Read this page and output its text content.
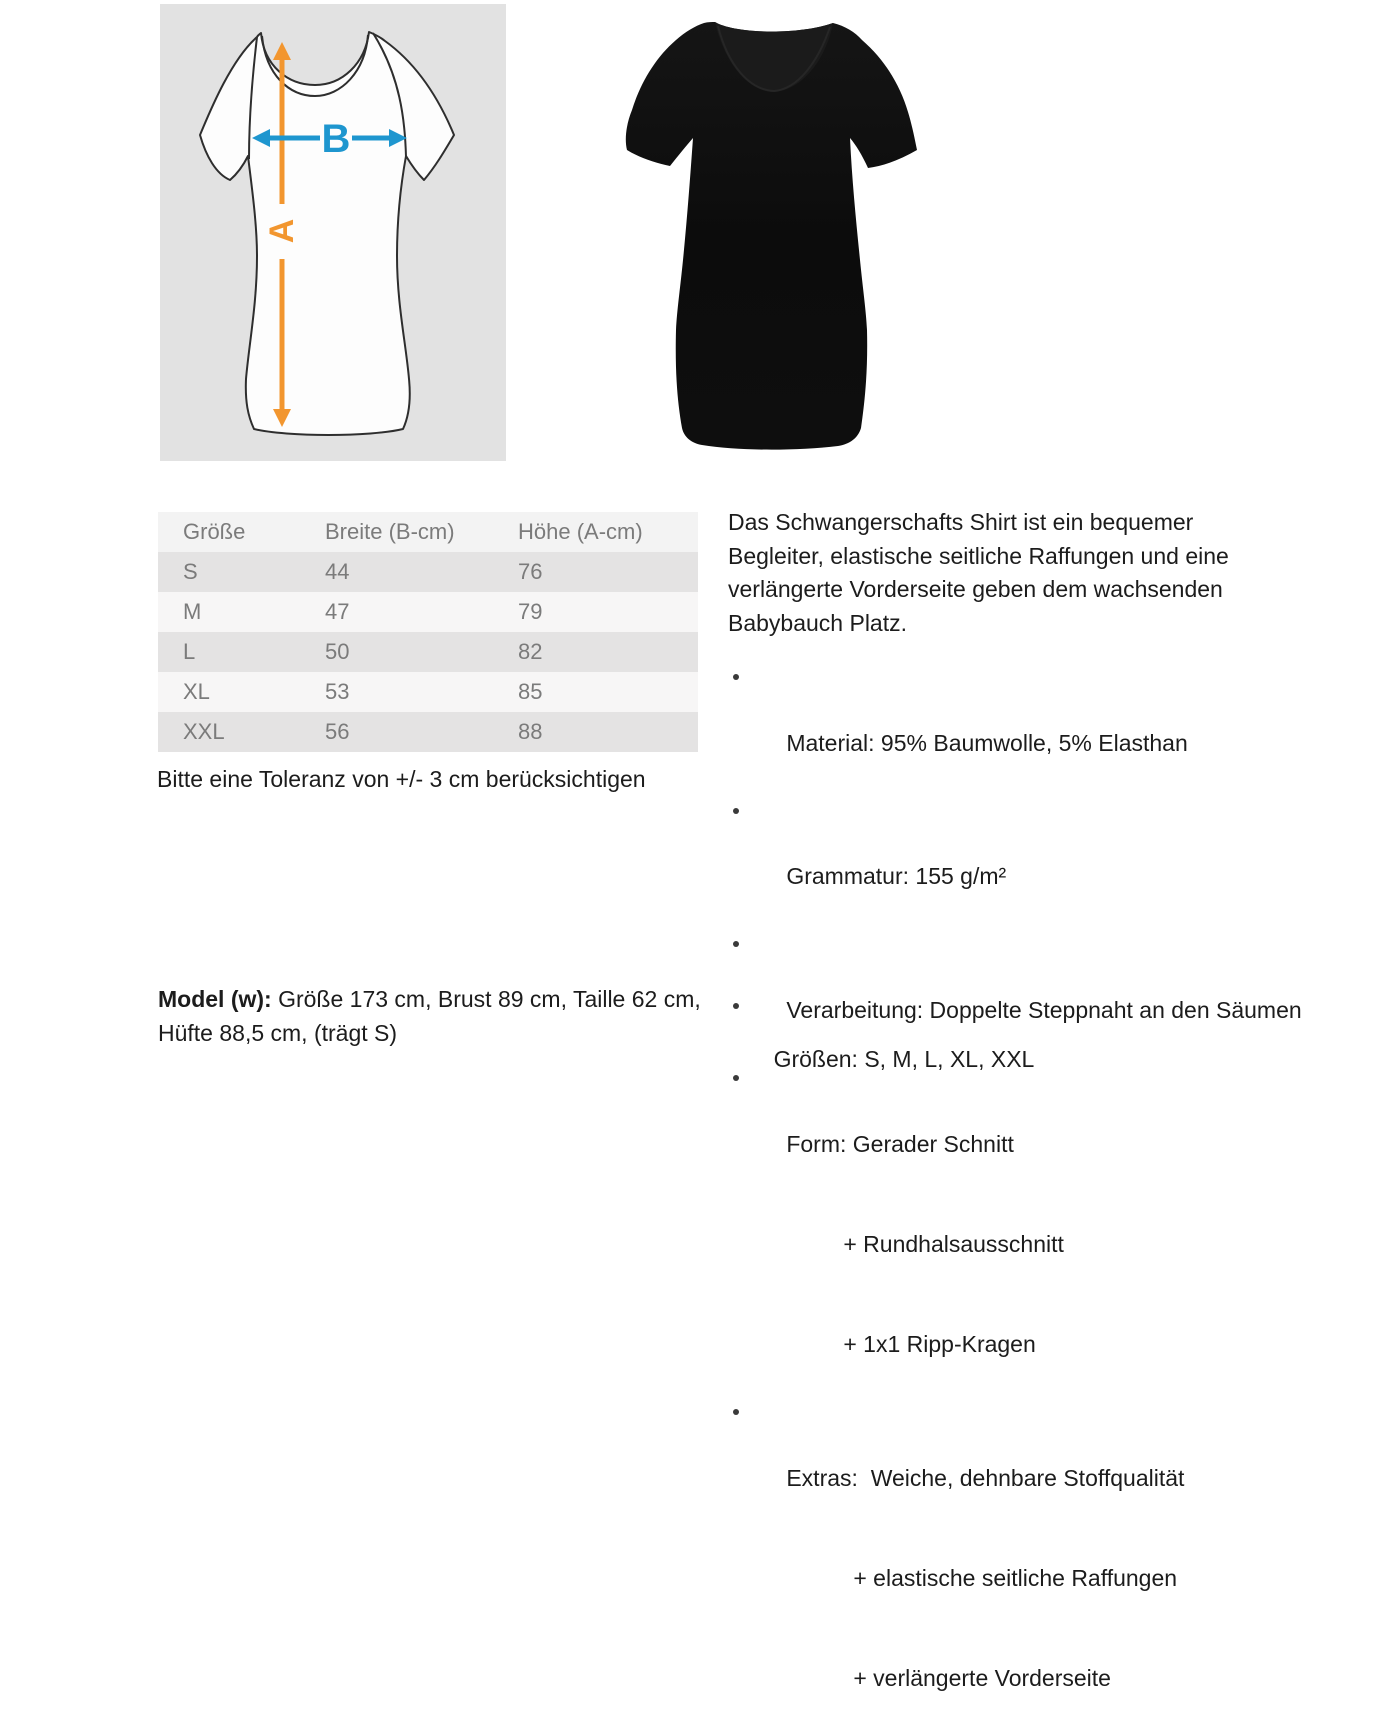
A
B
Größe	Breite (B-cm)	Höhe (A-cm)
S	44	76
M	47	79
L	50	82
XL	53	85
XXL	56	88
Bitte eine Toleranz von +/- 3 cm berücksichtigen
Das Schwangerschafts Shirt ist ein bequemer
Begleiter, elastische seitliche Raffungen und eine
verlängerte Vorderseite geben dem wachsenden
Babybauch Platz.

Material: 95% Baumwolle, 5% Elasthan

Grammatur: 155 g/m²

Verarbeitung: Doppelte Steppnaht an den Säumen

Form: Gerader Schnitt

+ Rundhalsausschnitt

+ 1x1 Ripp-Kragen

Extras:  Weiche, dehnbare Stoffqualität

+ elastische seitliche Raffungen

+ verlängerte Vorderseite

Größen: S, M, L, XL, XXL

Model (w): Größe 173 cm, Brust 89 cm, Taille 62 cm,
Hüfte 88,5 cm, (trägt S)
